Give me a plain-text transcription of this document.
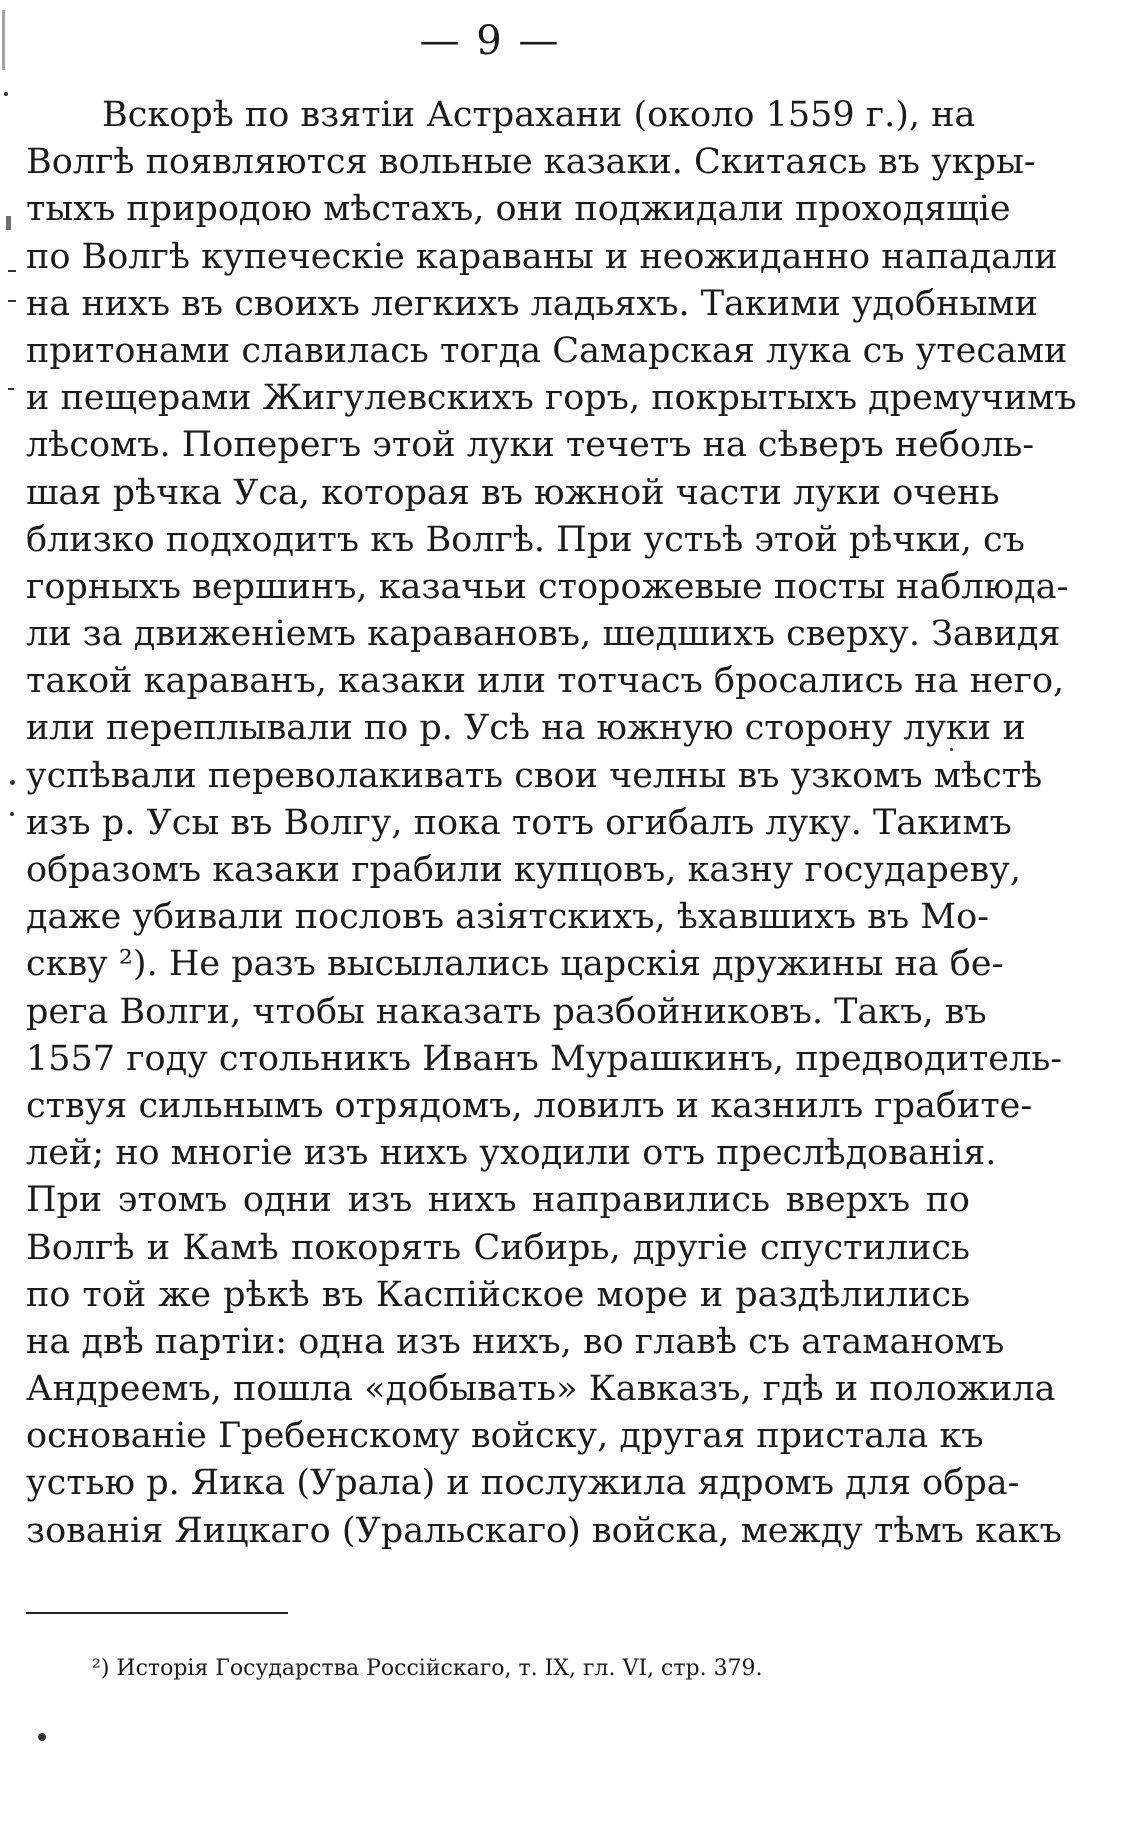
— 9 —
Вскорѣ по взятіи Астрахани (около 1559 г.), на
Волгѣ появляются вольные казаки. Скитаясь въ укры-
тыхъ природою мѣстахъ, они поджидали проходящіе
по Волгѣ купеческіе караваны и неожиданно нападали
на нихъ въ своихъ легкихъ ладьяхъ. Такими удобными
притонами славилась тогда Самарская лука съ утесами
и пещерами Жигулевскихъ горъ, покрытыхъ дремучимъ
лѣсомъ. Поперегъ этой луки течетъ на сѣверъ неболь-
шая рѣчка Уса, которая въ южной части луки очень
близко подходитъ къ Волгѣ. При устьѣ этой рѣчки, съ
горныхъ вершинъ, казачьи сторожевые посты наблюда-
ли за движеніемъ каравановъ, шедшихъ сверху. Завидя
такой караванъ, казаки или тотчасъ бросались на него,
или переплывали по р. Усѣ на южную сторону луки и
успѣвали переволакивать свои челны въ узкомъ мѣстѣ
изъ р. Усы въ Волгу, пока тотъ огибалъ луку. Такимъ
образомъ казаки грабили купцовъ, казну государеву,
даже убивали пословъ азіятскихъ, ѣхавшихъ въ Мо-
скву ²). Не разъ высылались царскія дружины на бе-
рега Волги, чтобы наказать разбойниковъ. Такъ, въ
1557 году стольникъ Иванъ Мурашкинъ, предводитель-
ствуя сильнымъ отрядомъ, ловилъ и казнилъ грабите-
лей; но многіе изъ нихъ уходили отъ преслѣдованія.
При этомъ одни изъ нихъ направились вверхъ по
Волгѣ и Камѣ покорять Сибирь, другіе спустились
по той же рѣкѣ въ Каспійское море и раздѣлились
на двѣ партіи: одна изъ нихъ, во главѣ съ атаманомъ
Андреемъ, пошла «добывать» Кавказъ, гдѣ и положила
основаніе Гребенскому войску, другая пристала къ
устью р. Яика (Урала) и послужила ядромъ для обра-
зованія Яицкаго (Уральскаго) войска, между тѣмъ какъ
²) Исторія Государства Россійскаго, т. IX, гл. VI, стр. 379.
